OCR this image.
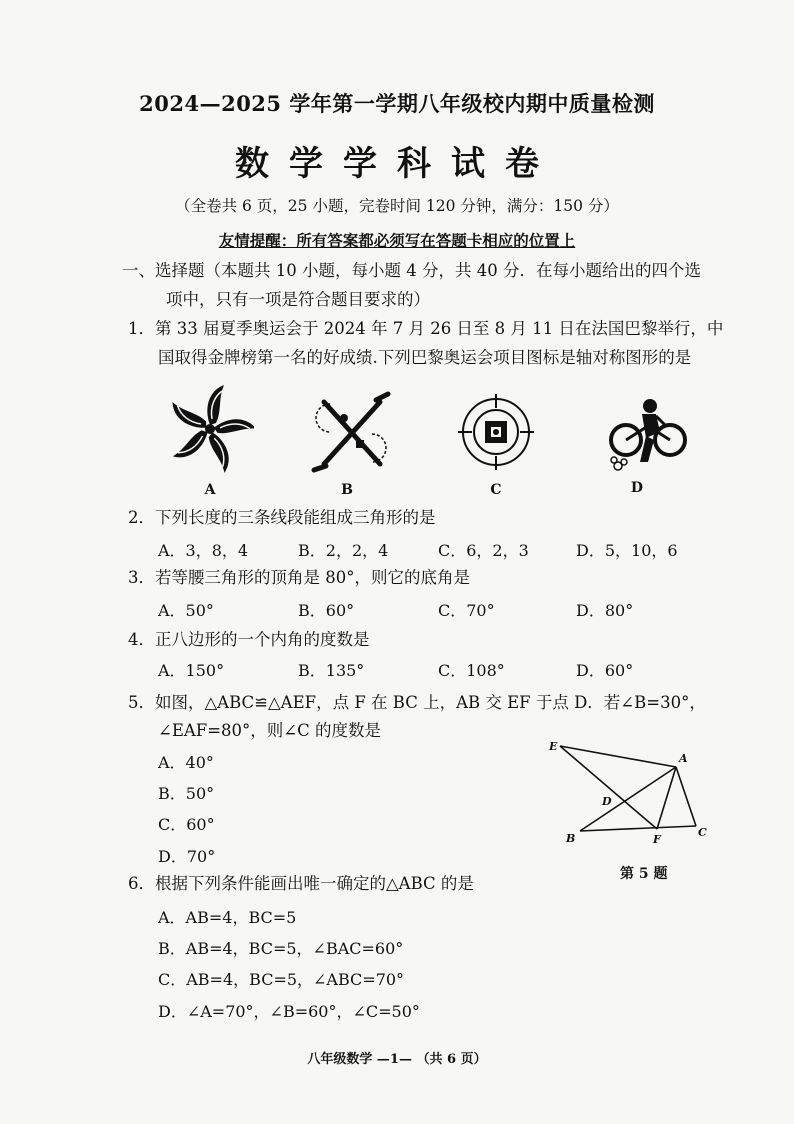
2024—2025 学年第一学期八年级校内期中质量检测
数学学科试卷
（全卷共 6 页，25 小题，完卷时间 120 分钟，满分：150 分）
友情提醒：所有答案都必须写在答题卡相应的位置上
一、选择题（本题共 10 小题，每小题 4 分，共 40 分．在每小题给出的四个选
项中，只有一项是符合题目要求的）
1．第 33 届夏季奥运会于 2024 年 7 月 26 日至 8 月 11 日在法国巴黎举行，中
国取得金牌榜第一名的好成绩.下列巴黎奥运会项目图标是轴对称图形的是
A	B	C	D
2．下列长度的三条线段能组成三角形的是
A．3，8，4	B．2，2，4	C．6，2，3	D．5，10，6
3．若等腰三角形的顶角是 80°，则它的底角是
A．50°	B．60°	C．70°	D．80°
4．正八边形的一个内角的度数是
A．150°	B．135°	C．108°	D．60°
5．如图，△ABC≌△AEF，点 F 在 BC 上，AB 交 EF 于点 D．若∠B=30°，
∠EAF=80°，则∠C 的度数是
A．40°
B．50°
C．60°
D．70°
E
A
D
B	F
C
第 5 题
6．根据下列条件能画出唯一确定的△ABC 的是
A．AB=4，BC=5
B．AB=4，BC=5，∠BAC=60°
C．AB=4，BC=5，∠ABC=70°
D．∠A=70°，∠B=60°，∠C=50°
八年级数学 —1— （共 6 页）
